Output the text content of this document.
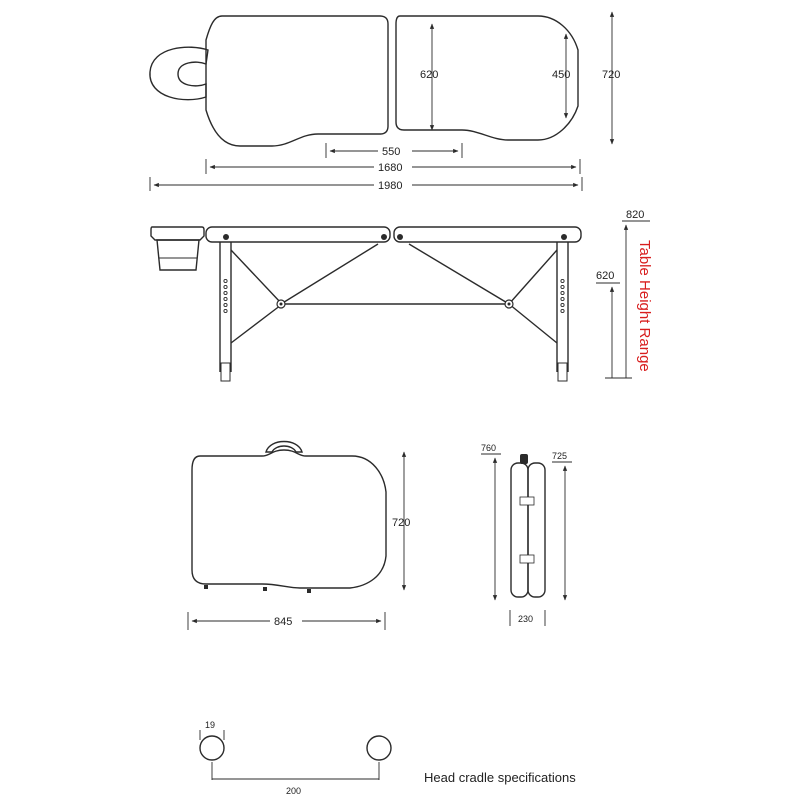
620	450	720
550
1680
1980
820
620 Table Height Range
720
845
760
725
230
19
200
Head cradle specifications
